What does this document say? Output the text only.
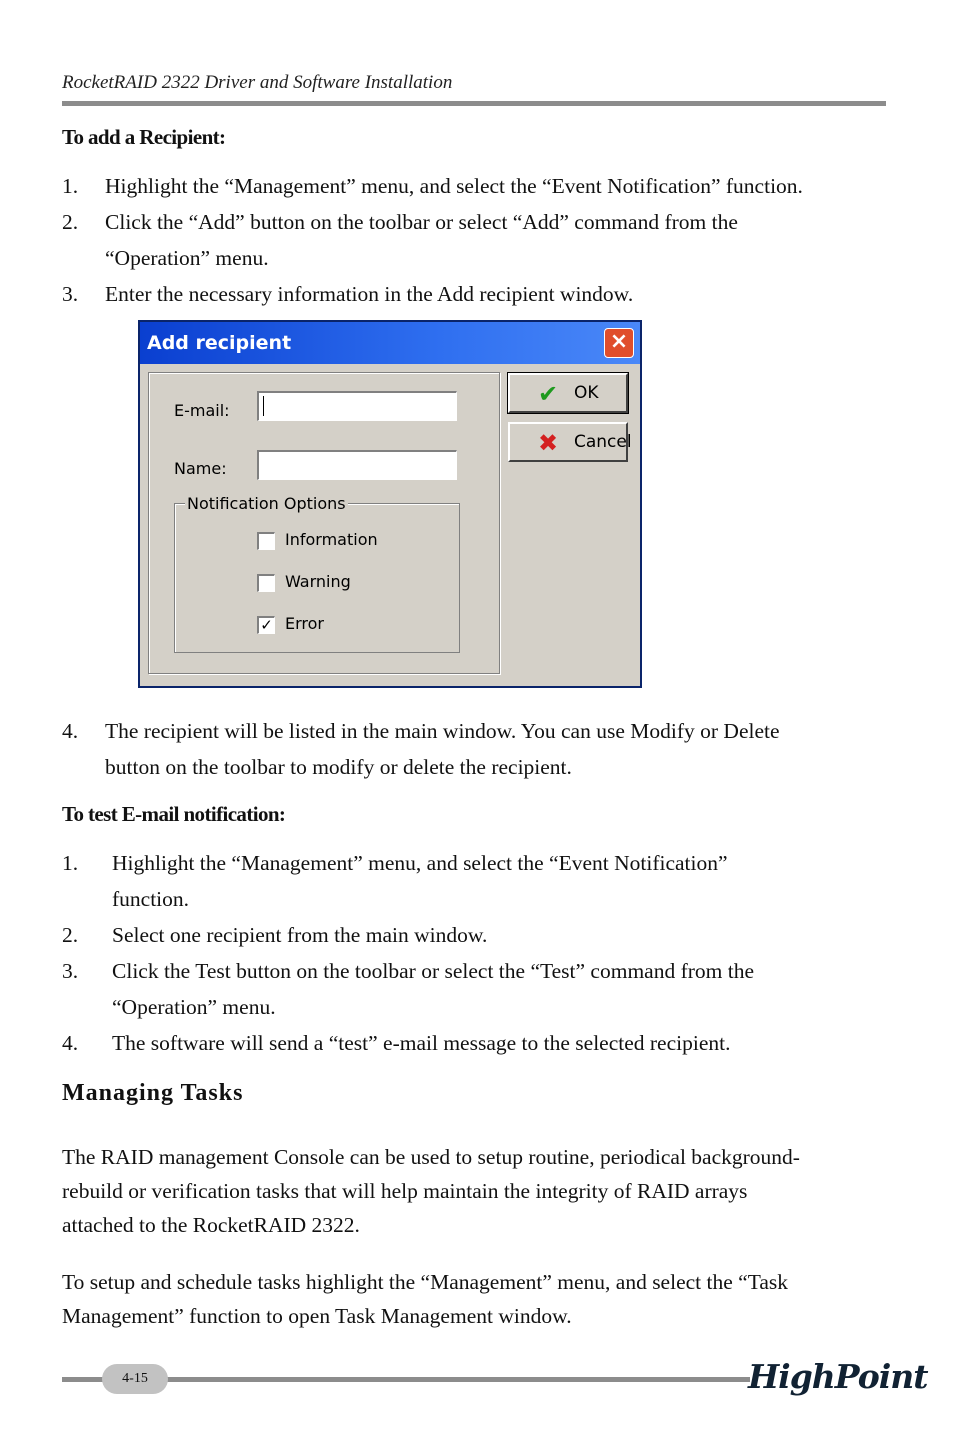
RocketRAID 2322 Driver and Software Installation
To add a Recipient:
1. Highlight the “Management” menu, and select the “Event Notification” function.
2. Click the “Add” button on the toolbar or select “Add” command from the
“Operation” menu.
3. Enter the necessary information in the Add recipient window.
Add recipient	×
E-mail:
Name:
Notification Options
Information
Warning
✓ Error
✔ OK
✖ Cancel
4. The recipient will be listed in the main window. You can use Modify or Delete
button on the toolbar to modify or delete the recipient.
To test E-mail notification:
1. Highlight the “Management” menu, and select the “Event Notification”
function.
2. Select one recipient from the main window.
3. Click the Test button on the toolbar or select the “Test” command from the
“Operation” menu.
4. The software will send a “test” e-mail message to the selected recipient.
Managing Tasks
The RAID management Console can be used to setup routine, periodical background-
rebuild or verification tasks that will help maintain the integrity of RAID arrays
attached to the RocketRAID 2322.
To setup and schedule tasks highlight the “Management” menu, and select the “Task
Management” function to open Task Management window.
4-15	HighPoint
